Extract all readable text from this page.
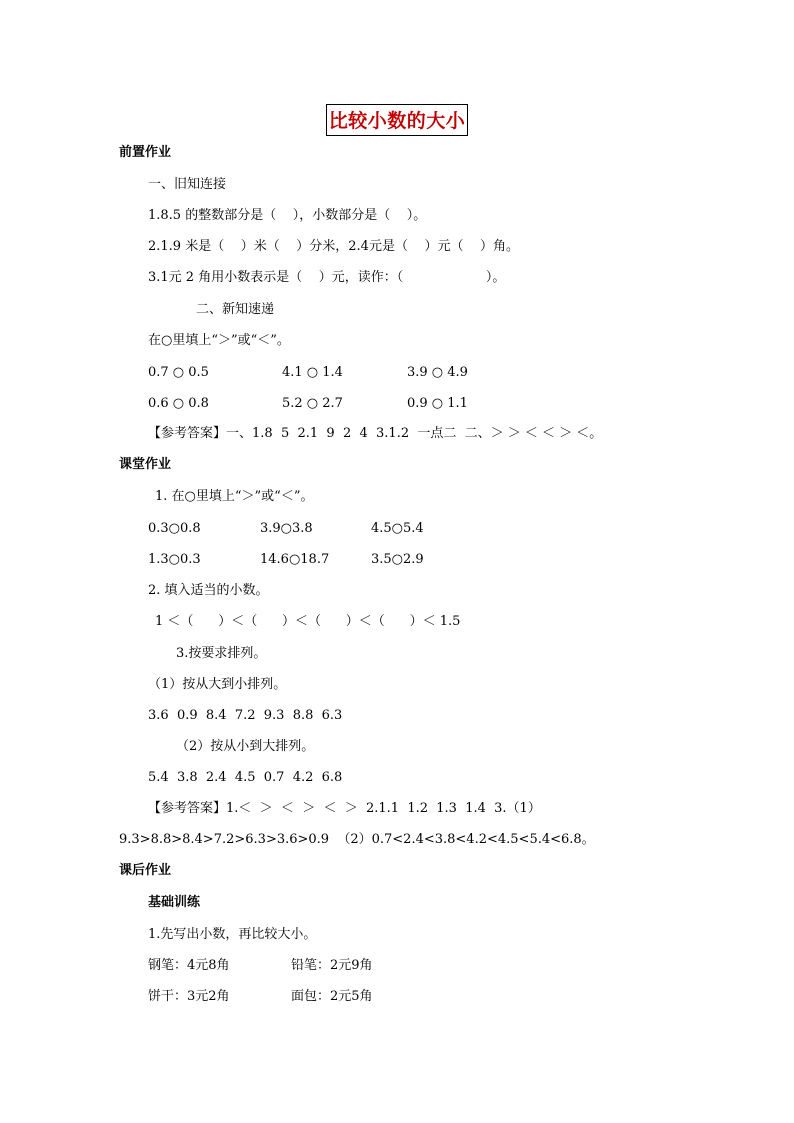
比较小数的大小
前置作业
一、旧知连接
1.8.5 的整数部分是（    ），小数部分是（    ）。
2.1.9 米是（    ）米（    ）分米，2.4元是（    ）元（    ）角。
3.1元 2 角用小数表示是（    ）元，读作：（                    ）。
二、新知速递
在○里填上“＞”或“＜”。
0.7 ○ 0.5	4.1 ○ 1.4	3.9 ○ 4.9
0.6 ○ 0.8	5.2 ○ 2.7	0.9 ○ 1.1
【参考答案】一、1.8  5  2.1  9  2  4  3.1.2  一点二  二、＞ ＞ ＜ ＜ ＞ ＜。
课堂作业
1. 在○里填上“＞”或“＜”。
0.3○0.8	3.9○3.8	4.5○5.4
1.3○0.3	14.6○18.7	3.5○2.9
2. 填入适当的小数。
1 ＜（      ）＜（      ）＜（      ）＜（      ）＜ 1.5
3.按要求排列。
（1）按从大到小排列。
3.6  0.9  8.4  7.2  9.3  8.8  6.3
（2）按从小到大排列。
5.4  3.8  2.4  4.5  0.7  4.2  6.8
【参考答案】1.＜  ＞  ＜  ＞  ＜  ＞  2.1.1  1.2  1.3  1.4  3.（1）
9.3>8.8>8.4>7.2>6.3>3.6>0.9  （2）0.7<2.4<3.8<4.2<4.5<5.4<6.8。
课后作业
基础训练
1.先写出小数，再比较大小。
钢笔：4元8角	铅笔：2元9角
饼干：3元2角	面包：2元5角
